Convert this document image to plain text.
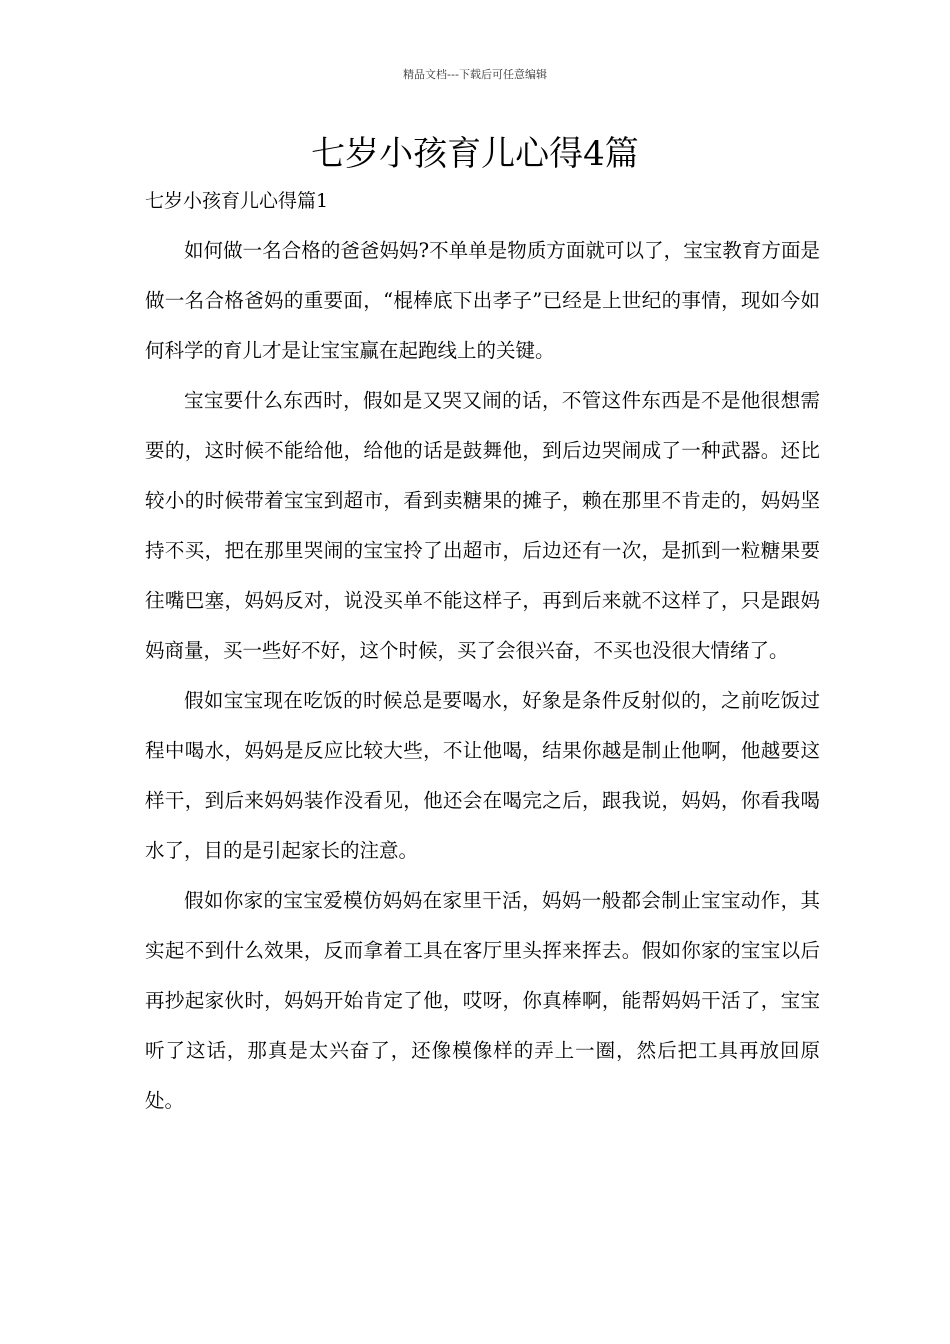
精品文档---下载后可任意编辑
七岁小孩育儿心得4篇
七岁小孩育儿心得篇1

如何做一名合格的爸爸妈妈?不单单是物质方面就可以了，宝宝教育方面是做一名合格爸妈的重要面，“棍棒底下出孝子”已经是上世纪的事情，现如今如何科学的育儿才是让宝宝赢在起跑线上的关键。

宝宝要什么东西时，假如是又哭又闹的话，不管这件东西是不是他很想需要的，这时候不能给他，给他的话是鼓舞他，到后边哭闹成了一种武器。还比较小的时候带着宝宝到超市，看到卖糖果的摊子，赖在那里不肯走的，妈妈坚持不买，把在那里哭闹的宝宝拎了出超市，后边还有一次，是抓到一粒糖果要往嘴巴塞，妈妈反对，说没买单不能这样子，再到后来就不这样了，只是跟妈妈商量，买一些好不好，这个时候，买了会很兴奋，不买也没很大情绪了。

假如宝宝现在吃饭的时候总是要喝水，好象是条件反射似的，之前吃饭过程中喝水，妈妈是反应比较大些，不让他喝，结果你越是制止他啊，他越要这样干，到后来妈妈装作没看见，他还会在喝完之后，跟我说，妈妈，你看我喝水了，目的是引起家长的注意。

假如你家的宝宝爱模仿妈妈在家里干活，妈妈一般都会制止宝宝动作，其实起不到什么效果，反而拿着工具在客厅里头挥来挥去。假如你家的宝宝以后再抄起家伙时，妈妈开始肯定了他，哎呀，你真棒啊，能帮妈妈干活了，宝宝听了这话，那真是太兴奋了，还像模像样的弄上一圈，然后把工具再放回原处。
